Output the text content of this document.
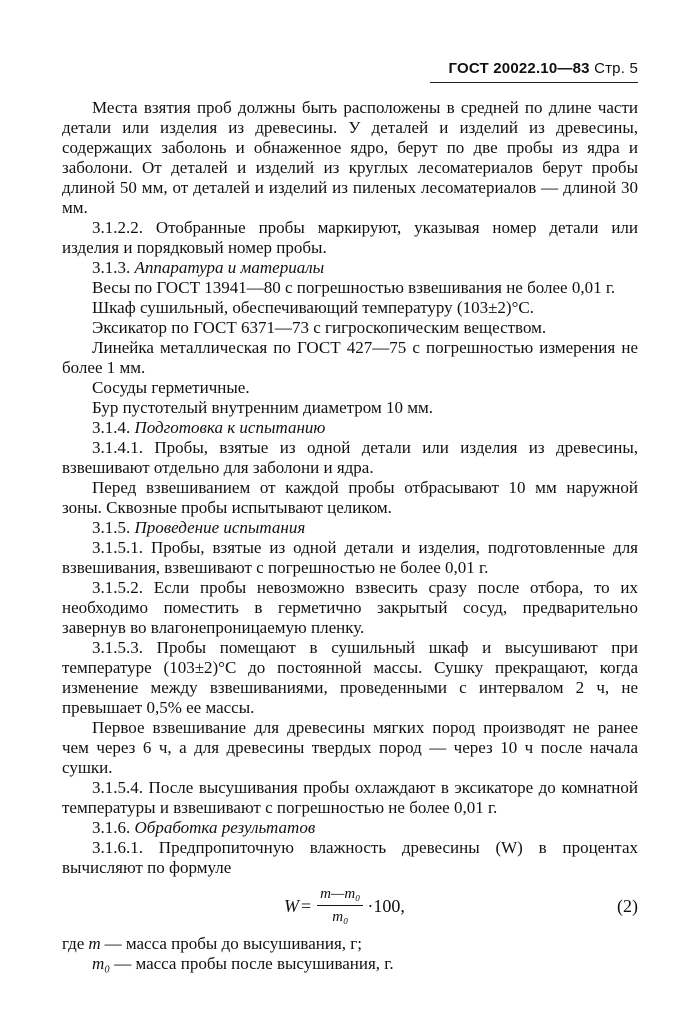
ГОСТ 20022.10—83 Стр. 5

Места взятия проб должны быть расположены в средней по длине части детали или изделия из древесины. У деталей и изделий из древесины, содержащих заболонь и обнаженное ядро, берут по две пробы из ядра и заболони. От деталей и изделий из круглых лесоматериалов берут пробы длиной 50 мм, от деталей и изделий из пиленых лесоматериалов — длиной 30 мм.

3.1.2.2. Отобранные пробы маркируют, указывая номер детали или изделия и порядковый номер пробы.

3.1.3. Аппаратура и материалы

Весы по ГОСТ 13941—80 с погрешностью взвешивания не более 0,01 г.

Шкаф сушильный, обеспечивающий температуру (103±2)°С.

Эксикатор по ГОСТ 6371—73 с гигроскопическим веществом.

Линейка металлическая по ГОСТ 427—75 с погрешностью измерения не более 1 мм.

Сосуды герметичные.

Бур пустотелый внутренним диаметром 10 мм.

3.1.4. Подготовка к испытанию

3.1.4.1. Пробы, взятые из одной детали или изделия из древесины, взвешивают отдельно для заболони и ядра.

Перед взвешиванием от каждой пробы отбрасывают 10 мм наружной зоны. Сквозные пробы испытывают целиком.

3.1.5. Проведение испытания

3.1.5.1. Пробы, взятые из одной детали и изделия, подготовленные для взвешивания, взвешивают с погрешностью не более 0,01 г.

3.1.5.2. Если пробы невозможно взвесить сразу после отбора, то их необходимо поместить в герметично закрытый сосуд, предварительно завернув во влагонепроницаемую пленку.

3.1.5.3. Пробы помещают в сушильный шкаф и высушивают при температуре (103±2)°С до постоянной массы. Сушку прекращают, когда изменение между взвешиваниями, проведенными с интервалом 2 ч, не превышает 0,5% ее массы.

Первое взвешивание для древесины мягких пород производят не ранее чем через 6 ч, а для древесины твердых пород — через 10 ч после начала сушки.

3.1.5.4. После высушивания пробы охлаждают в эксикаторе до комнатной температуры и взвешивают с погрешностью не более 0,01 г.

3.1.6. Обработка результатов

3.1.6.1. Предпропиточную влажность древесины (W) в процентах вычисляют по формуле

$W = \frac{\text{m—m₀}}{\text{m₀}} \cdot 100$,	(2)
где m — масса пробы до высушивания, г;
m₀ — масса пробы после высушивания, г.
